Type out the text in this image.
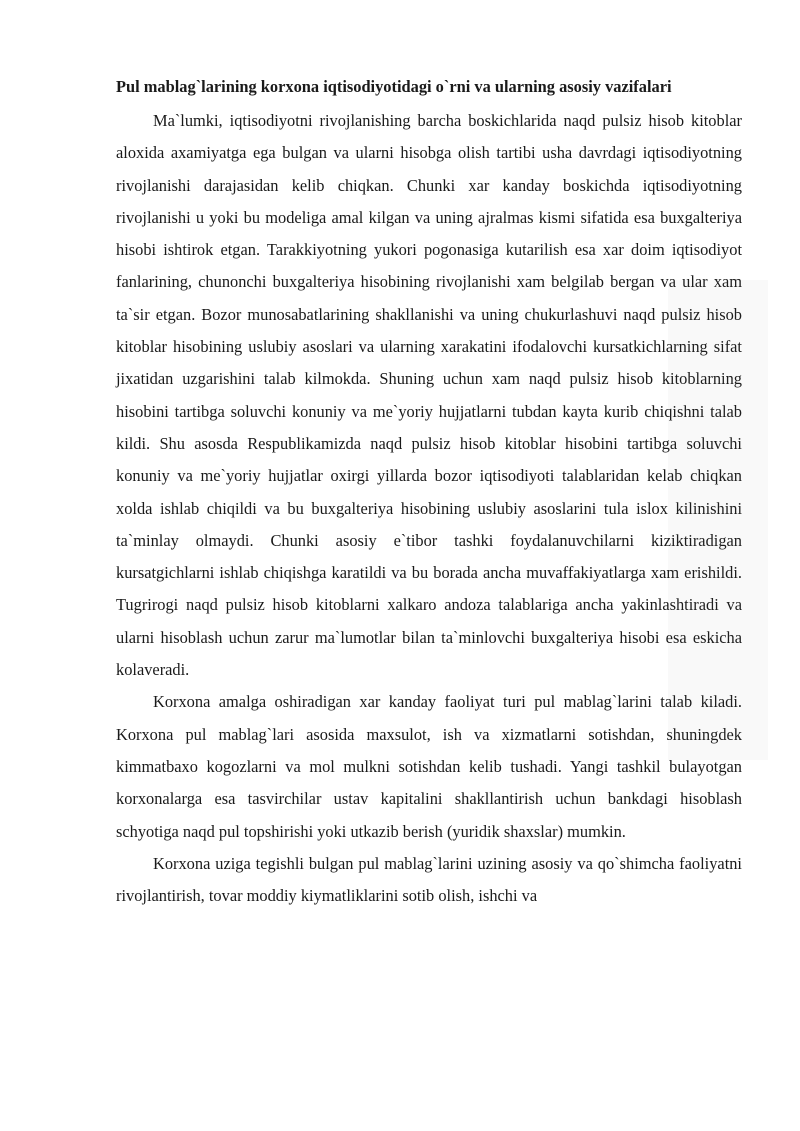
Pul mablag`larining korxona iqtisodiyotidagi o`rni va ularning asosiy vazifalari

Ma`lumki, iqtisodiyotni rivojlanishing barcha boskichlarida naqd pulsiz hisob kitoblar aloxida axamiyatga ega bulgan va ularni hisobga olish tartibi usha davrdagi iqtisodiyotning rivojlanishi darajasidan kelib chiqkan. Chunki xar kanday boskichda iqtisodiyotning rivojlanishi u yoki bu modeliga amal kilgan va uning ajralmas kismi sifatida esa buxgalteriya hisobi ishtirok etgan. Tarakkiyotning yukori pogonasiga kutarilish esa xar doim iqtisodiyot fanlarining, chunonchi buxgalteriya hisobining rivojlanishi xam belgilab bergan va ular xam ta`sir etgan. Bozor munosabatlarining shakllanishi va uning chukurlashuvi naqd pulsiz hisob kitoblar hisobining uslubiy asoslari va ularning xarakatini ifodalovchi kursatkichlarning sifat jixatidan uzgarishini talab kilmokda. Shuning uchun xam naqd pulsiz hisob kitoblarning hisobini tartibga soluvchi konuniy va me`yoriy hujjatlarni tubdan kayta kurib chiqishni talab kildi. Shu asosda Respublikamizda naqd pulsiz hisob kitoblar hisobini tartibga soluvchi konuniy va me`yoriy hujjatlar oxirgi yillarda bozor iqtisodiyoti talablaridan kelab chiqkan xolda ishlab chiqildi va bu buxgalteriya hisobining uslubiy asoslarini tula islox kilinishini ta`minlay olmaydi. Chunki asosiy e`tibor tashki foydalanuvchilarni kiziktiradigan kursatgichlarni ishlab chiqishga karatildi va bu borada ancha muvaffakiyatlarga xam erishildi. Tugrirogi naqd pulsiz hisob kitoblarni xalkaro andoza talablariga ancha yakinlashtiradi va ularni hisoblash uchun zarur ma`lumotlar bilan ta`minlovchi buxgalteriya hisobi esa eskicha kolaveradi.

Korxona amalga oshiradigan xar kanday faoliyat turi pul mablag`larini talab kiladi. Korxona pul mablag`lari asosida maxsulot, ish va xizmatlarni sotishdan, shuningdek kimmatbaxo kogozlarni va mol mulkni sotishdan kelib tushadi. Yangi tashkil bulayotgan korxonalarga esa tasvirchilar ustav kapitalini shakllantirish uchun bankdagi hisoblash schyotiga naqd pul topshirishi yoki utkazib berish (yuridik shaxslar) mumkin.

Korxona uziga tegishli bulgan pul mablag`larini uzining asosiy va qo`shimcha faoliyatni rivojlantirish, tovar moddiy kiymatliklarini sotib olish, ishchi va
